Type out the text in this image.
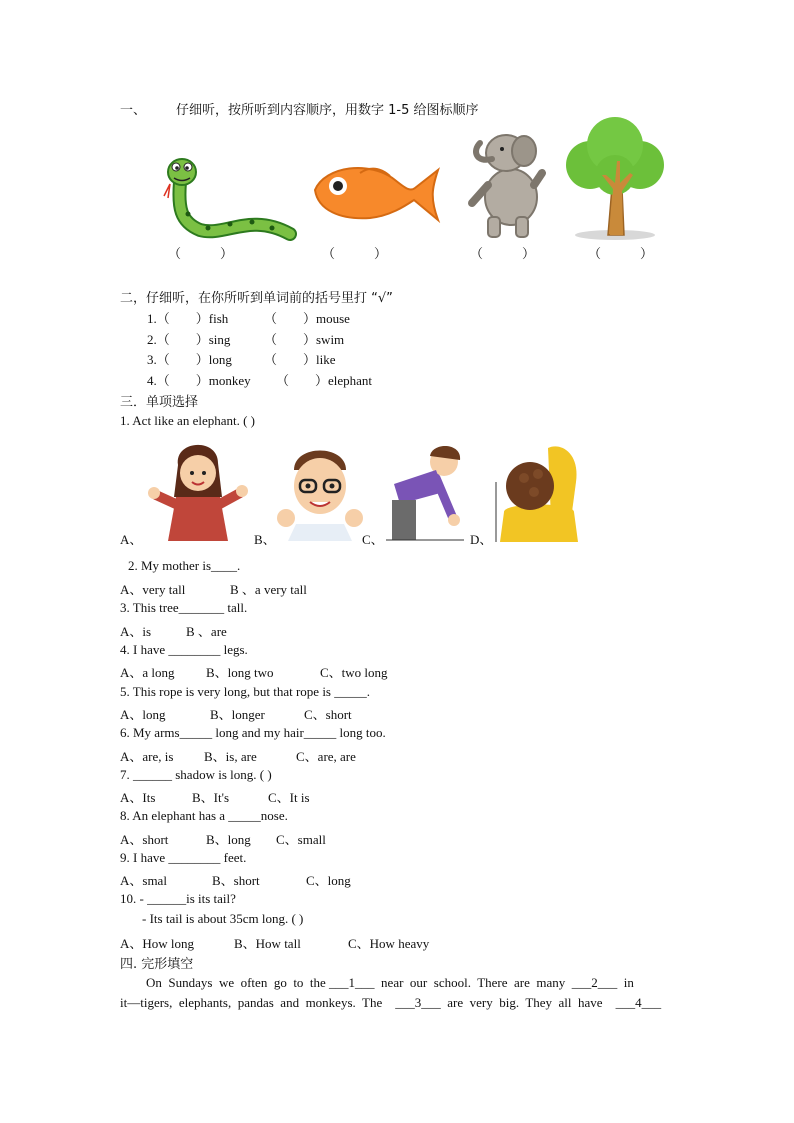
一、 仔细听，按所听到内容顺序，用数字 1-5 给图标顺序
（　　　）	（　　　）	（　　　）	（　　　）
二，仔细听，在你所听到单词前的括号里打 “√”
1.（　　）fish	（　　）mouse
2.（　　）sing	（　　）swim
3.（　　）long （　　）like
4.（　　）monkey （　　）elephant
三．单项选择
1. Act like an elephant. ( )
A、	B、	C、	D、
2. My mother is____.
A、very tall	B 、a very tall
3. This tree_______ tall.
A、is	B 、are
4. I have ________ legs.
A、a long B、long two	C、two long
5. This rope is very long, but that rope is _____.
A、long	B、longer	C、short
6. My arms_____ long and my hair_____ long too.
A、are, is B、is, are	C、are, are
7. ______ shadow is long. ( )
A、Its	B、It's	C、It is
8. An elephant has a _____nose.
A、short	B、long C、small
9. I have ________ feet.
A、smal	B、short	C、long
10. - ______is its tail?
- Its tail is about 35cm long. ( )
A、How long	B、How tall	C、How heavy
四. 完形填空
On  Sundays  we  often  go  to  the ___1___  near  our  school.  There  are  many  ___2___  in
it—tigers,  elephants,  pandas  and  monkeys.  The    ___3___  are  very  big.  They  all  have    ___4___
